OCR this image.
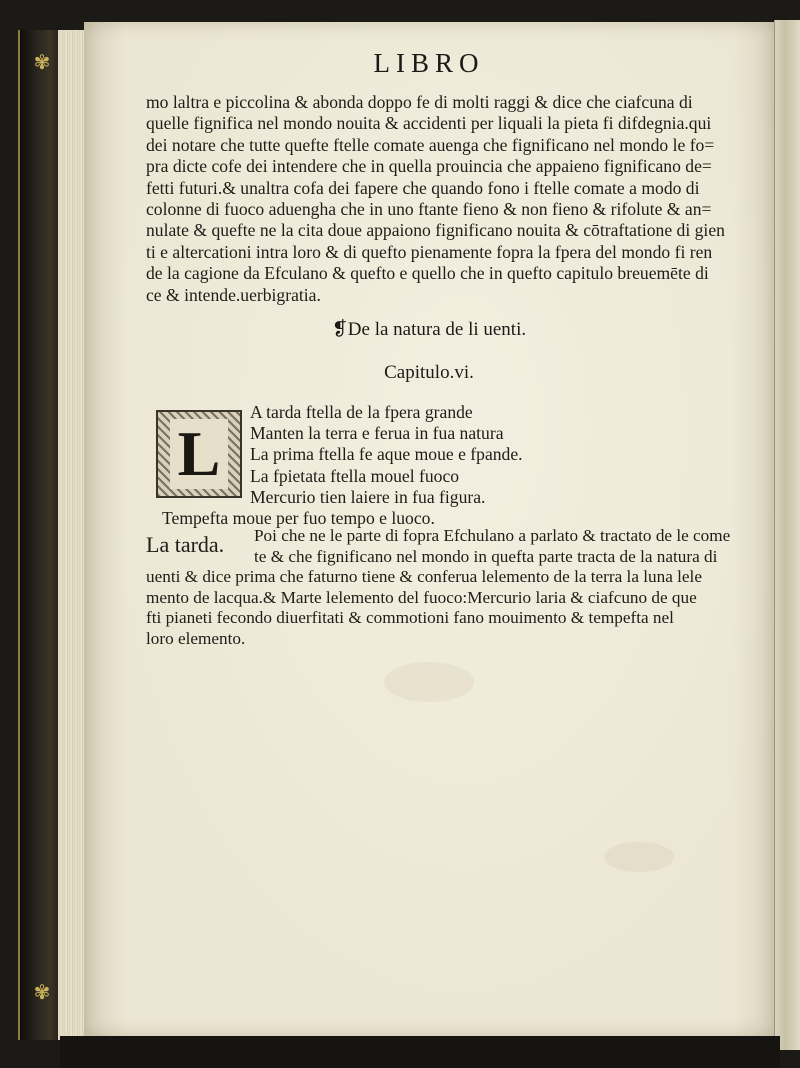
✾
✾
LIBRO
mo laltra e piccolina & abonda doppo fe di molti raggi & dice che ciafcuna di
quelle fignifica nel mondo nouita & accidenti per liquali la pieta fi difdegnia.qui
dei notare che tutte quefte ftelle comate auenga che fignificano nel mondo le fo=
pra dicte cofe dei intendere che in quella prouincia che appaieno fignificano de=
fetti futuri.& unaltra cofa dei fapere che quando fono i ftelle comate a modo di
colonne di fuoco aduengha che in uno ftante fieno & non fieno & rifolute & an=
nulate & quefte ne la cita doue appaiono fignificano nouita & cōtraftatione di gien
ti e altercationi intra loro & di quefto pienamente fopra la fpera del mondo fi ren
de la cagione da Efculano & quefto e quello che in quefto capitulo breuemēte di
ce & intende.uerbigratia.
❡De la natura de li uenti.
Capitulo.vi.
L
A tarda ftella de la fpera grande
Manten la terra e ferua in fua natura
La prima ftella fe aque moue e fpande.
La fpietata ftella mouel fuoco
Mercurio tien laiere in fua figura.
Tempefta moue per fuo tempo e luoco.
La tarda.	Poi che ne le parte di fopra Efchulano a parlato & tractato de le come
te & che fignificano nel mondo in quefta parte tracta de la natura di
uenti & dice prima che faturno tiene & conferua lelemento de la terra la luna lele
mento de lacqua.& Marte lelemento del fuoco:Mercurio laria & ciafcuno de que
fti pianeti fecondo diuerfitati & commotioni fano mouimento & tempefta nel
loro elemento.
